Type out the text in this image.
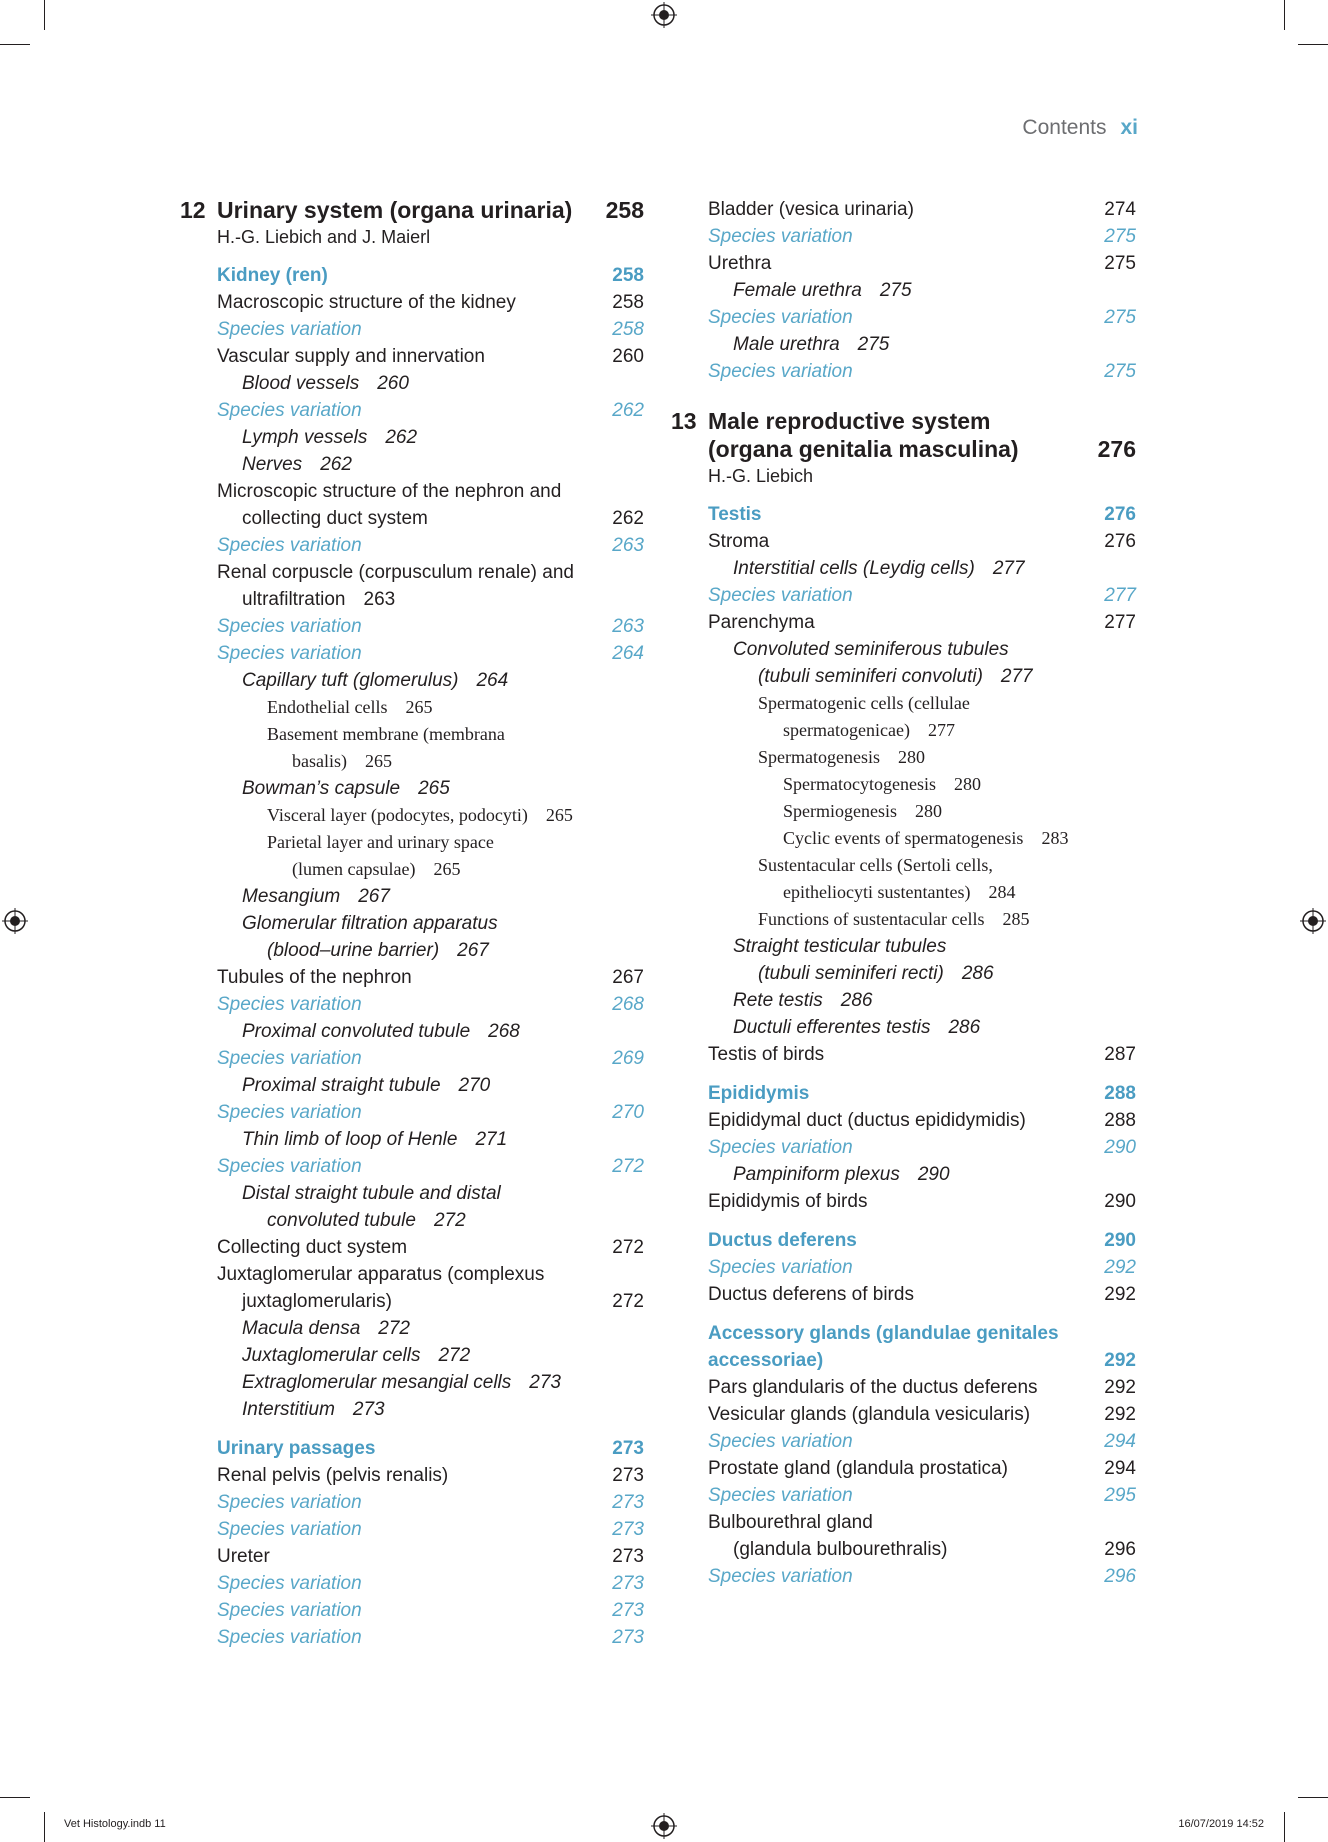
Contents xi
12 Urinary system (organa urinaria)	258
H.-G. Liebich and J. Maierl
Kidney (ren)	258
Macroscopic structure of the kidney	258
Species variation	258
Vascular supply and innervation	260
Blood vessels 260
Species variation	262
Lymph vessels 262
Nerves 262
Microscopic structure of the nephron and
collecting duct system	262
Species variation	263
Renal corpuscle (corpusculum renale) and
ultrafiltration 263
Species variation	263
Species variation	264
Capillary tuft (glomerulus) 264
Endothelial cells 265
Basement membrane (membrana
basalis) 265
Bowman’s capsule 265
Visceral layer (podocytes, podocyti) 265
Parietal layer and urinary space
(lumen capsulae) 265
Mesangium 267
Glomerular filtration apparatus
(blood–urine barrier) 267
Tubules of the nephron	267
Species variation	268
Proximal convoluted tubule 268
Species variation	269
Proximal straight tubule 270
Species variation	270
Thin limb of loop of Henle 271
Species variation	272
Distal straight tubule and distal
convoluted tubule 272
Collecting duct system	272
Juxtaglomerular apparatus (complexus
juxtaglomerularis)	272
Macula densa 272
Juxtaglomerular cells 272
Extraglomerular mesangial cells 273
Interstitium 273
Urinary passages	273
Renal pelvis (pelvis renalis)	273
Species variation	273
Species variation	273
Ureter	273
Species variation	273
Species variation	273
Species variation	273
Bladder (vesica urinaria)	274
Species variation	275
Urethra	275
Female urethra 275
Species variation	275
Male urethra 275
Species variation	275
13 Male reproductive system
(organa genitalia masculina)	276
H.-G. Liebich
Testis	276
Stroma	276
Interstitial cells (Leydig cells) 277
Species variation	277
Parenchyma	277
Convoluted seminiferous tubules
(tubuli seminiferi convoluti) 277
Spermatogenic cells (cellulae
spermatogenicae) 277
Spermatogenesis 280
Spermatocytogenesis 280
Spermiogenesis 280
Cyclic events of spermatogenesis 283
Sustentacular cells (Sertoli cells,
epitheliocyti sustentantes) 284
Functions of sustentacular cells 285
Straight testicular tubules
(tubuli seminiferi recti) 286
Rete testis 286
Ductuli efferentes testis 286
Testis of birds	287
Epididymis	288
Epididymal duct (ductus epididymidis)	288
Species variation	290
Pampiniform plexus 290
Epididymis of birds	290
Ductus deferens	290
Species variation	292
Ductus deferens of birds	292
Accessory glands (glandulae genitales
accessoriae)	292
Pars glandularis of the ductus deferens	292
Vesicular glands (glandula vesicularis)	292
Species variation	294
Prostate gland (glandula prostatica)	294
Species variation	295
Bulbourethral gland
(glandula bulbourethralis)	296
Species variation	296
Vet Histology.indb 11	16/07/2019 14:52
